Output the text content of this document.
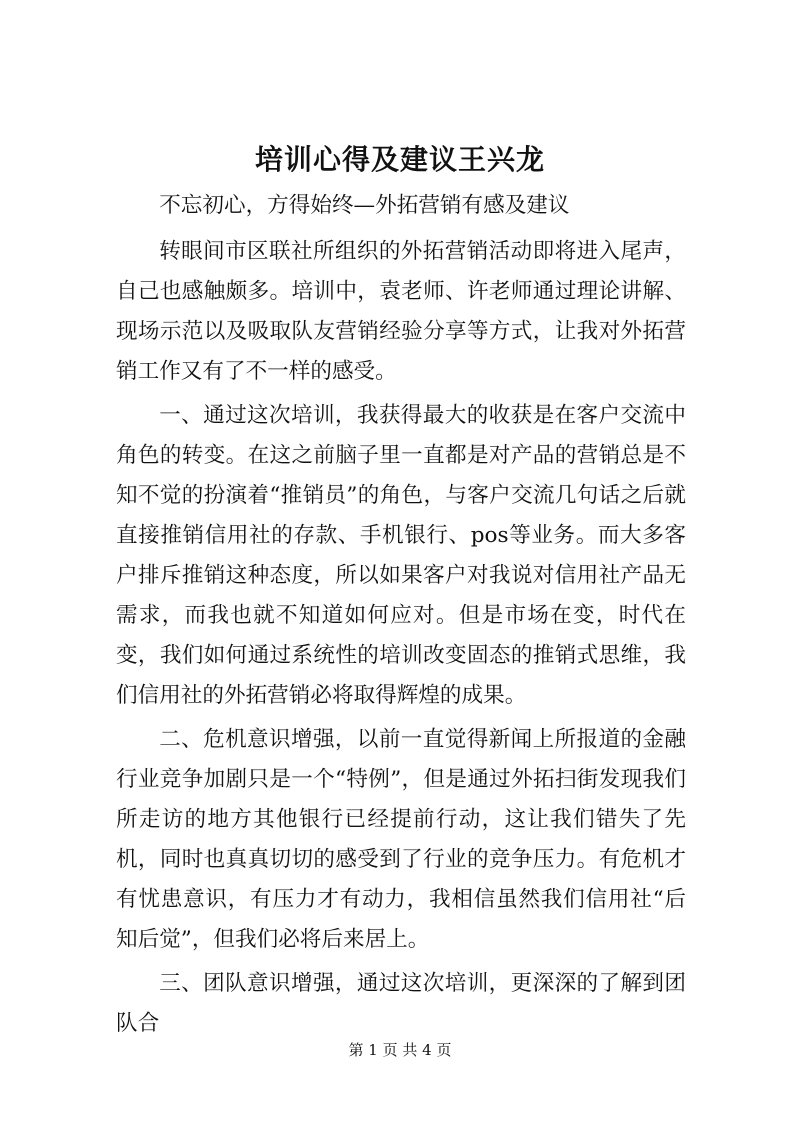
培训心得及建议王兴龙

不忘初心，方得始终—外拓营销有感及建议

转眼间市区联社所组织的外拓营销活动即将进入尾声，自己也感触颇多。培训中，袁老师、许老师通过理论讲解、现场示范以及吸取队友营销经验分享等方式，让我对外拓营销工作又有了不一样的感受。

一、通过这次培训，我获得最大的收获是在客户交流中角色的转变。在这之前脑子里一直都是对产品的营销总是不知不觉的扮演着“推销员”的角色，与客户交流几句话之后就直接推销信用社的存款、手机银行、pos等业务。而大多客户排斥推销这种态度，所以如果客户对我说对信用社产品无需求，而我也就不知道如何应对。但是市场在变，时代在变，我们如何通过系统性的培训改变固态的推销式思维，我们信用社的外拓营销必将取得辉煌的成果。

二、危机意识增强，以前一直觉得新闻上所报道的金融行业竞争加剧只是一个“特例”，但是通过外拓扫街发现我们所走访的地方其他银行已经提前行动，这让我们错失了先机，同时也真真切切的感受到了行业的竞争压力。有危机才有忧患意识，有压力才有动力，我相信虽然我们信用社“后知后觉”，但我们必将后来居上。

三、团队意识增强，通过这次培训，更深深的了解到团队合

第 1 页 共 4 页
